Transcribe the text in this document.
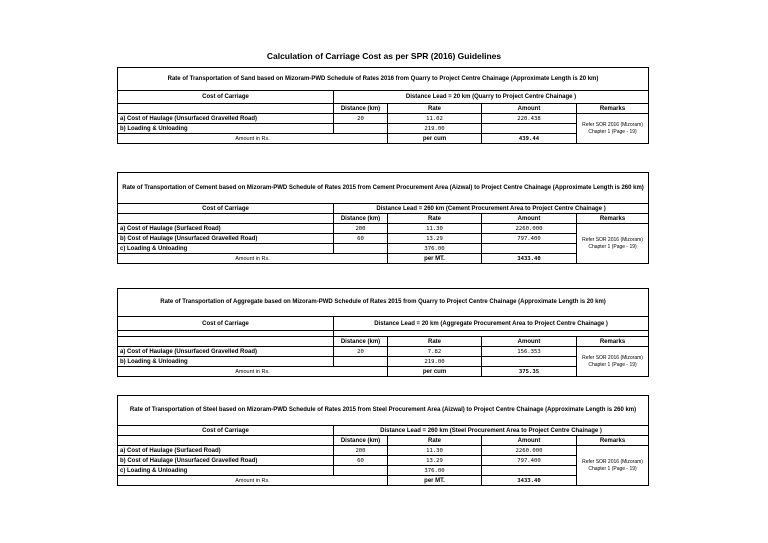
Calculation of Carriage Cost as per SPR (2016) Guidelines
Rate of Transportation of Sand based on Mizoram-PWD Schedule of Rates 2016 from Quarry to Project Centre Chainage (Approximate Length is 20 km)				
Cost of Carriage	Distance Lead = 20 km (Quarry to Project Centre Chainage )			
	Distance (km)	Rate	Amount	Remarks
a) Cost of Haulage (Unsurfaced Gravelled Road)	20	11.02	220.438	Refer SOR 2016 (Mizoram) Chapter 1 (Page - 19)
b) Loading & Unloading		219.00		
Amount in Rs.		per cum	439.44	
Rate of Transportation of Cement based on Mizoram-PWD Schedule of Rates 2015 from Cement Procurement Area (Aizwal) to Project Centre Chainage (Approximate Length is 260 km)				
Cost of Carriage	Distance Lead = 260 km (Cement Procurement Area to Project Centre Chainage )			
	Distance (km)	Rate	Amount	Remarks
a) Cost of Haulage (Surfaced Road)	200	11.30	2260.000	Refer SOR 2016 (Mizoram) Chapter 1 (Page - 19)
b) Cost of Haulage (Unsurfaced Gravelled Road)	60	13.29	797.400	
c) Loading & Unloading		376.00		
Amount in Rs.		per MT.	3433.40	
Rate of Transportation of Aggregate based on Mizoram-PWD Schedule of Rates 2015 from Quarry to Project Centre Chainage (Approximate Length is 20 km)				
Cost of Carriage	Distance Lead = 20 km (Aggregate Procurement Area to Project Centre Chainage )			

	Distance (km)	Rate	Amount	Remarks
a) Cost of Haulage (Unsurfaced Gravelled Road)	20	7.82	156.353	Refer SOR 2016 (Mizoram) Chapter 1 (Page - 19)
b) Loading & Unloading		219.00		
Amount in Rs.		per cum	375.35	
Rate of Transportation of Steel based on Mizoram-PWD Schedule of Rates 2015 from Steel Procurement Area (Aizwal) to Project Centre Chainage (Approximate Length is 260 km)				
Cost of Carriage	Distance Lead = 260 km (Steel Procurement Area to Project Centre Chainage )			
	Distance (km)	Rate	Amount	Remarks
a) Cost of Haulage (Surfaced Road)	200	11.30	2260.000	Refer SOR 2016 (Mizoram) Chapter 1 (Page - 19)
b) Cost of Haulage (Unsurfaced Gravelled Road)	60	13.29	797.400	
c) Loading & Unloading		376.00		
Amount in Rs.		per MT.	3433.40	
